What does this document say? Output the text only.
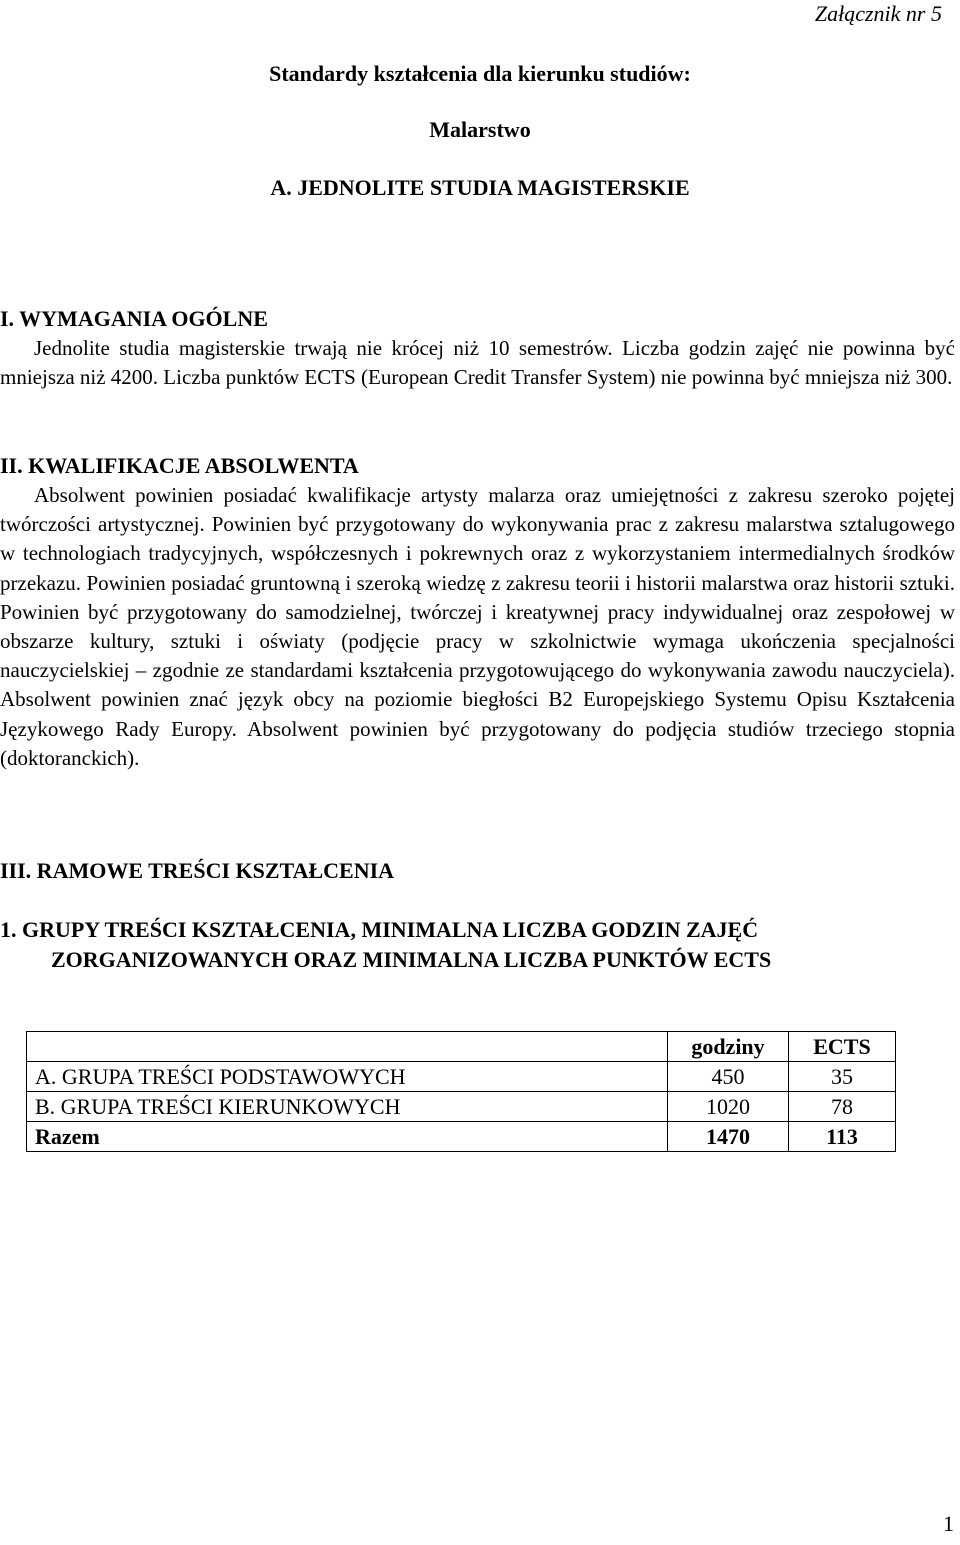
Załącznik nr 5
Standardy kształcenia dla kierunku studiów:
Malarstwo
A. JEDNOLITE STUDIA MAGISTERSKIE
I. WYMAGANIA OGÓLNE
Jednolite studia magisterskie trwają nie krócej niż 10 semestrów. Liczba godzin zajęć nie powinna być mniejsza niż 4200. Liczba punktów ECTS (European Credit Transfer System) nie powinna być mniejsza niż 300.
II. KWALIFIKACJE ABSOLWENTA
Absolwent powinien posiadać kwalifikacje artysty malarza oraz umiejętności z zakresu szeroko pojętej twórczości artystycznej. Powinien być przygotowany do wykonywania prac z zakresu malarstwa sztalugowego w technologiach tradycyjnych, współczesnych i pokrewnych oraz z wykorzystaniem intermedialnych środków przekazu. Powinien posiadać gruntowną i szeroką wiedzę z zakresu teorii i historii malarstwa oraz historii sztuki. Powinien być przygotowany do samodzielnej, twórczej i kreatywnej pracy indywidualnej oraz zespołowej w obszarze kultury, sztuki i oświaty (podjęcie pracy w szkolnictwie wymaga ukończenia specjalności nauczycielskiej – zgodnie ze standardami kształcenia przygotowującego do wykonywania zawodu nauczyciela). Absolwent powinien znać język obcy na poziomie biegłości B2 Europejskiego Systemu Opisu Kształcenia Językowego Rady Europy. Absolwent powinien być przygotowany do podjęcia studiów trzeciego stopnia (doktoranckich).
III. RAMOWE TREŚCI KSZTAŁCENIA
1. GRUPY TREŚCI KSZTAŁCENIA, MINIMALNA LICZBA GODZIN ZAJĘĆ
ZORGANIZOWANYCH ORAZ MINIMALNA LICZBA PUNKTÓW ECTS
	godziny	ECTS
A. GRUPA TREŚCI PODSTAWOWYCH	450	35
B. GRUPA TREŚCI KIERUNKOWYCH	1020	78
Razem	1470	113
1
